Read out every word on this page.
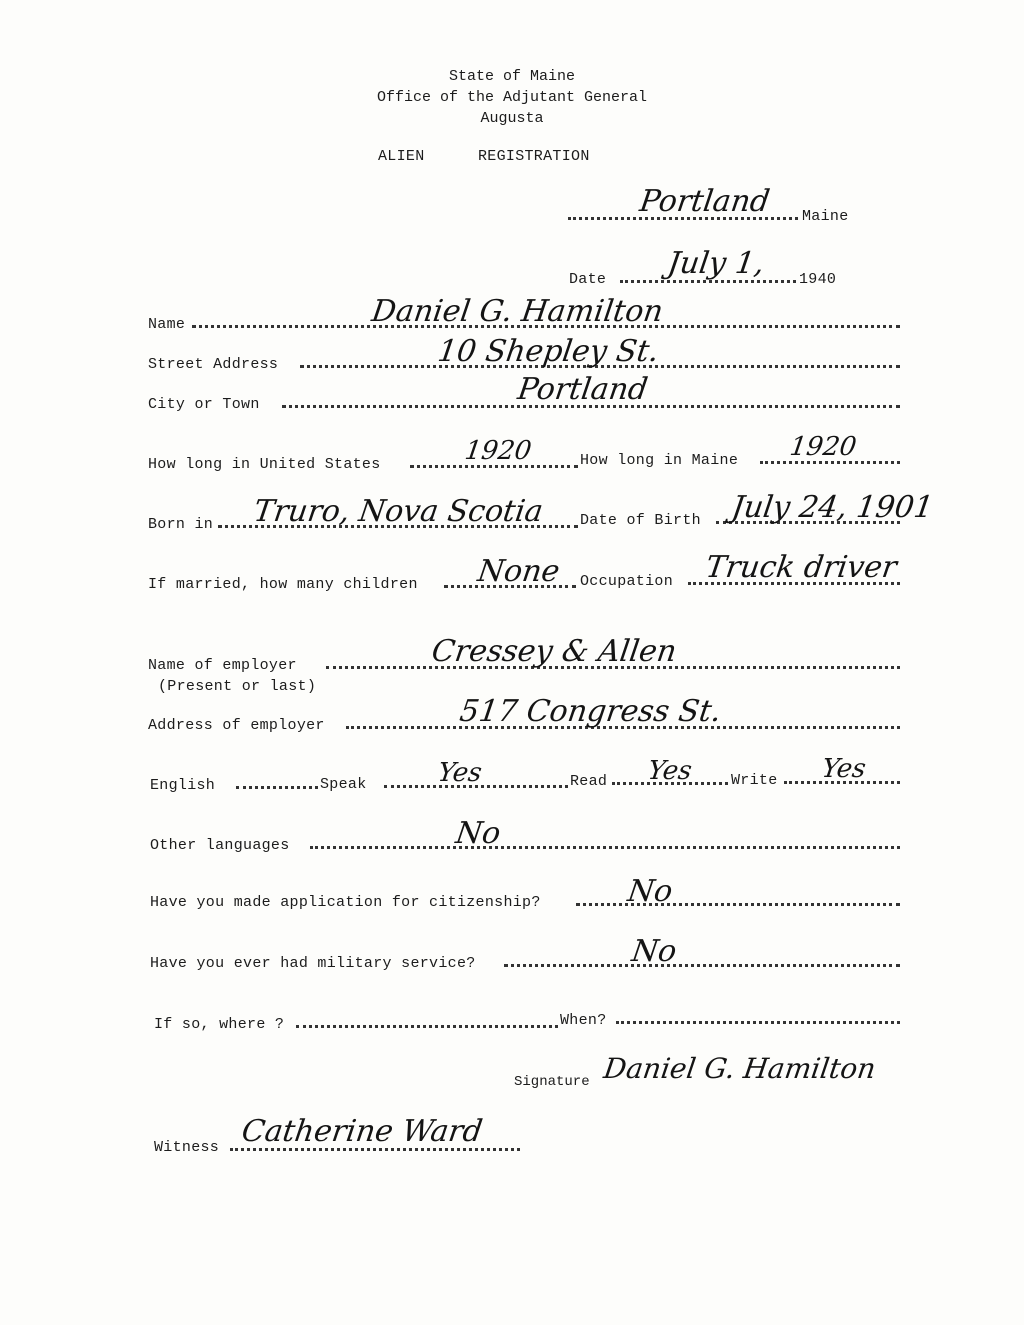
State of Maine
Office of the Adjutant General
Augusta
ALIEN	REGISTRATION
Portland Maine
Date July 1, 1940
Name	Daniel G. Hamilton
Street Address	10 Shepley St.
City or Town	Portland
How long in United States	1920	How long in Maine 1920
Born in Truro, Nova Scotia Date of Birth July 24, 1901
If married, how many children None Occupation Truck driver
Name of employer
(Present or last)
Cressey & Allen
Address of employer	517 Congress St.
English	Speak	Yes	Read Yes Write Yes
Other languages	No
Have you made application for citizenship?	No
Have you ever had military service?	No
If so, where ?	When?
Signature Daniel G. Hamilton
Witness Catherine Ward
